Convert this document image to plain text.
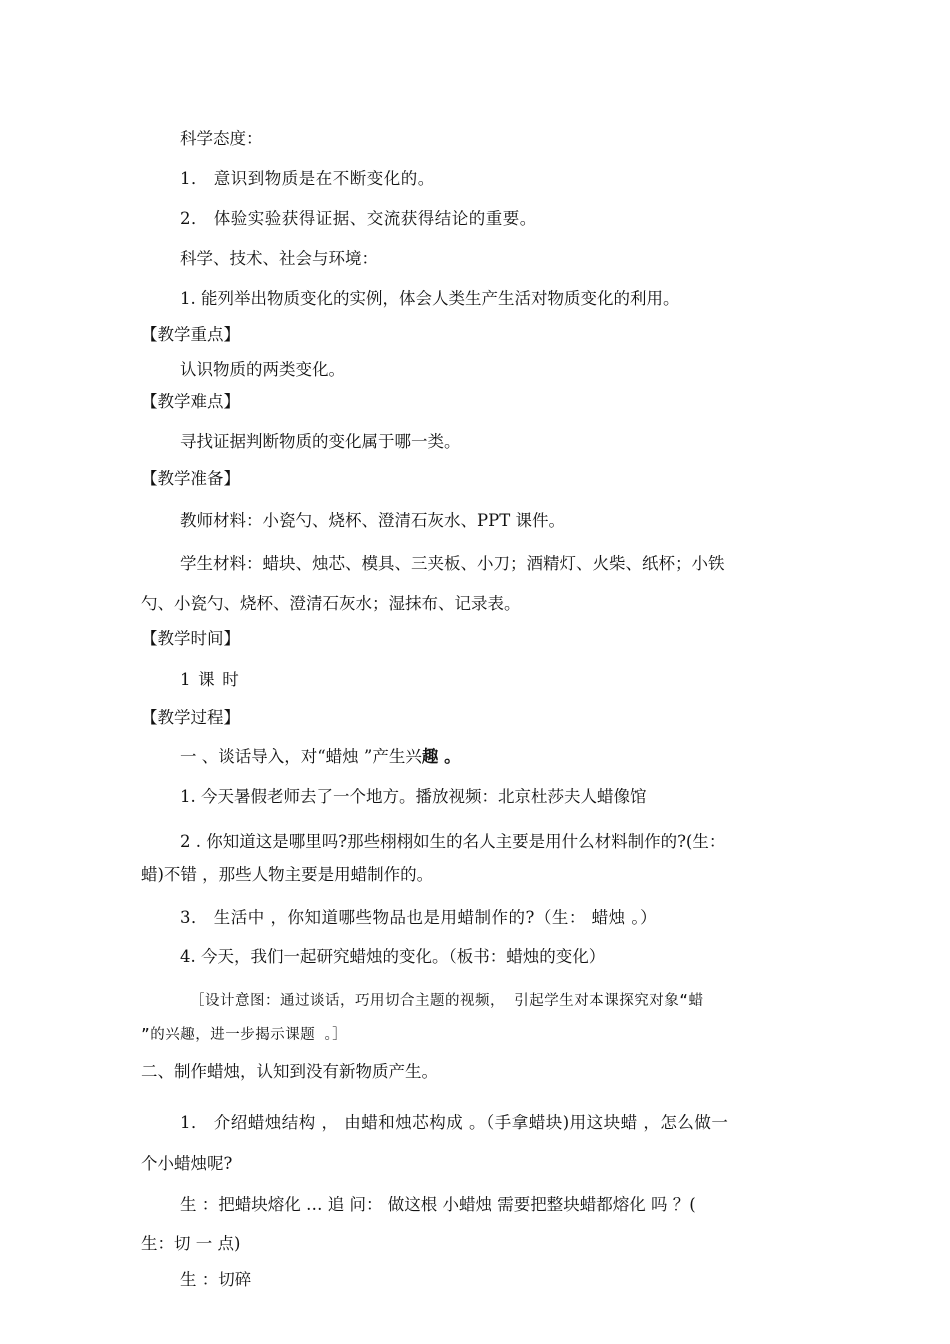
科学态度：
1． 意识到物质是在不断变化的。
2． 体验实验获得证据、交流获得结论的重要。
科学、技术、社会与环境：
1. 能列举出物质变化的实例，体会人类生产生活对物质变化的利用。
【教学重点】
认识物质的两类变化。
【教学难点】
寻找证据判断物质的变化属于哪一类。
【教学准备】
教师材料：小瓷勺、烧杯、澄清石灰水、PPT 课件。
学生材料：蜡块、烛芯、模具、三夹板、小刀；酒精灯、火柴、纸杯；小铁
勺、小瓷勺、烧杯、澄清石灰水；湿抹布、记录表。
【教学时间】
1 课 时
【教学过程】
一 、谈话导入，对“蜡烛 ”产生兴趣 。
1. 今天暑假老师去了一个地方。播放视频：北京杜莎夫人蜡像馆
2 . 你知道这是哪里吗?那些栩栩如生的名人主要是用什么材料制作的?(生：
蜡)不错 ，那些人物主要是用蜡制作的。
3． 生活中 ，你知道哪些物品也是用蜡制作的?（生： 蜡烛 。）
4. 今天，我们一起研究蜡烛的变化。（板书：蜡烛的变化）
［设计意图：通过谈话，巧用切合主题的视频， 引起学生对本课探究对象“蜡
”的兴趣，进一步揭示课题 。］
二、制作蜡烛，认知到没有新物质产生。
1． 介绍蜡烛结构 ， 由蜡和烛芯构成 。（手拿蜡块)用这块蜡 ，怎么做一
个小蜡烛呢?
生 ：把蜡块熔化 … 追 问： 做这根 小蜡烛 需要把整块蜡都熔化 吗 ？(
生：切 一 点)
生 ：切碎
